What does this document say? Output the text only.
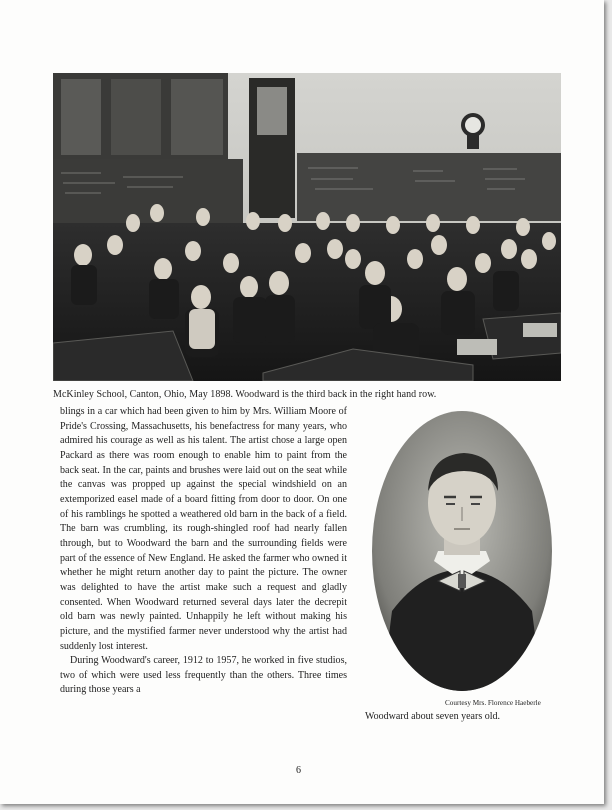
McKinley School, Canton, Ohio, May 1898. Woodward is the third back in the right hand row.

blings in a car which had been given to him by Mrs. William Moore of Pride's Crossing, Massachusetts, his benefactress for many years, who admired his courage as well as his talent. The artist chose a large open Packard as there was room enough to enable him to paint from the back seat. In the car, paints and brushes were laid out on the seat while the canvas was propped up against the special windshield on an extemporized easel made of a board fitting from door to door. On one of his ramblings he spotted a weathered old barn in the back of a field. The barn was crumbling, its rough-shingled roof had nearly fallen through, but to Woodward the barn and the surrounding fields were part of the essence of New England. He asked the farmer who owned it whether he might return another day to paint the picture. The owner was delighted to have the artist make such a request and gladly consented. When Woodward returned several days later the decrepit old barn was newly painted. Unhappily he left without making his picture, and the mystified farmer never understood why the artist had suddenly lost interest.

During Woodward's career, 1912 to 1957, he worked in five studios, two of which were used less frequently than the others. Three times during those years a

Courtesy Mrs. Florence Haeberle
Woodward about seven years old.
6
